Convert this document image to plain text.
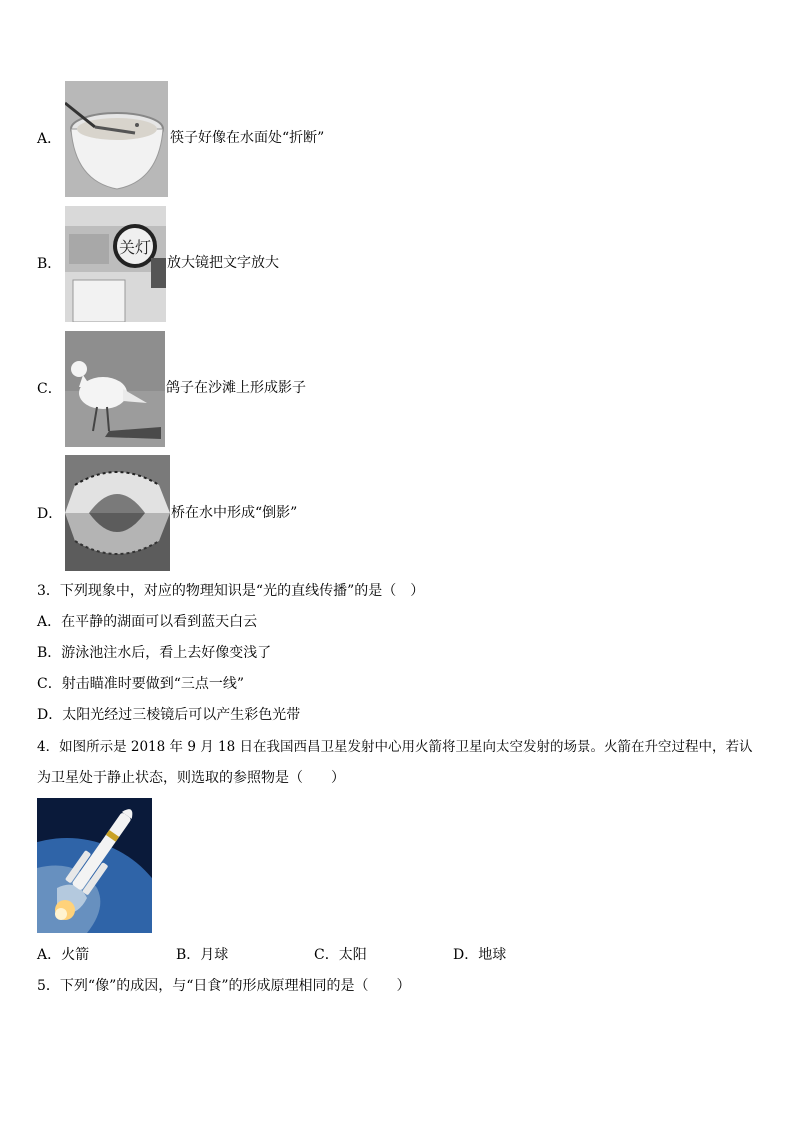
A．	筷子好像在水面处“折断”
B．
关灯
放大镜把文字放大
C．	鸽子在沙滩上形成影子
D．	桥在水中形成“倒影”
3．下列现象中，对应的物理知识是“光的直线传播”的是（　）
A．在平静的湖面可以看到蓝天白云
B．游泳池注水后，看上去好像变浅了
C．射击瞄准时要做到“三点一线”
D．太阳光经过三棱镜后可以产生彩色光带
4．如图所示是 2018 年 9 月 18 日在我国西昌卫星发射中心用火箭将卫星向太空发射的场景。火箭在升空过程中，若认
为卫星处于静止状态，则选取的参照物是（　　）
A．火箭	B．月球	C．太阳	D．地球
5．下列“像”的成因，与“日食”的形成原理相同的是（　　）
